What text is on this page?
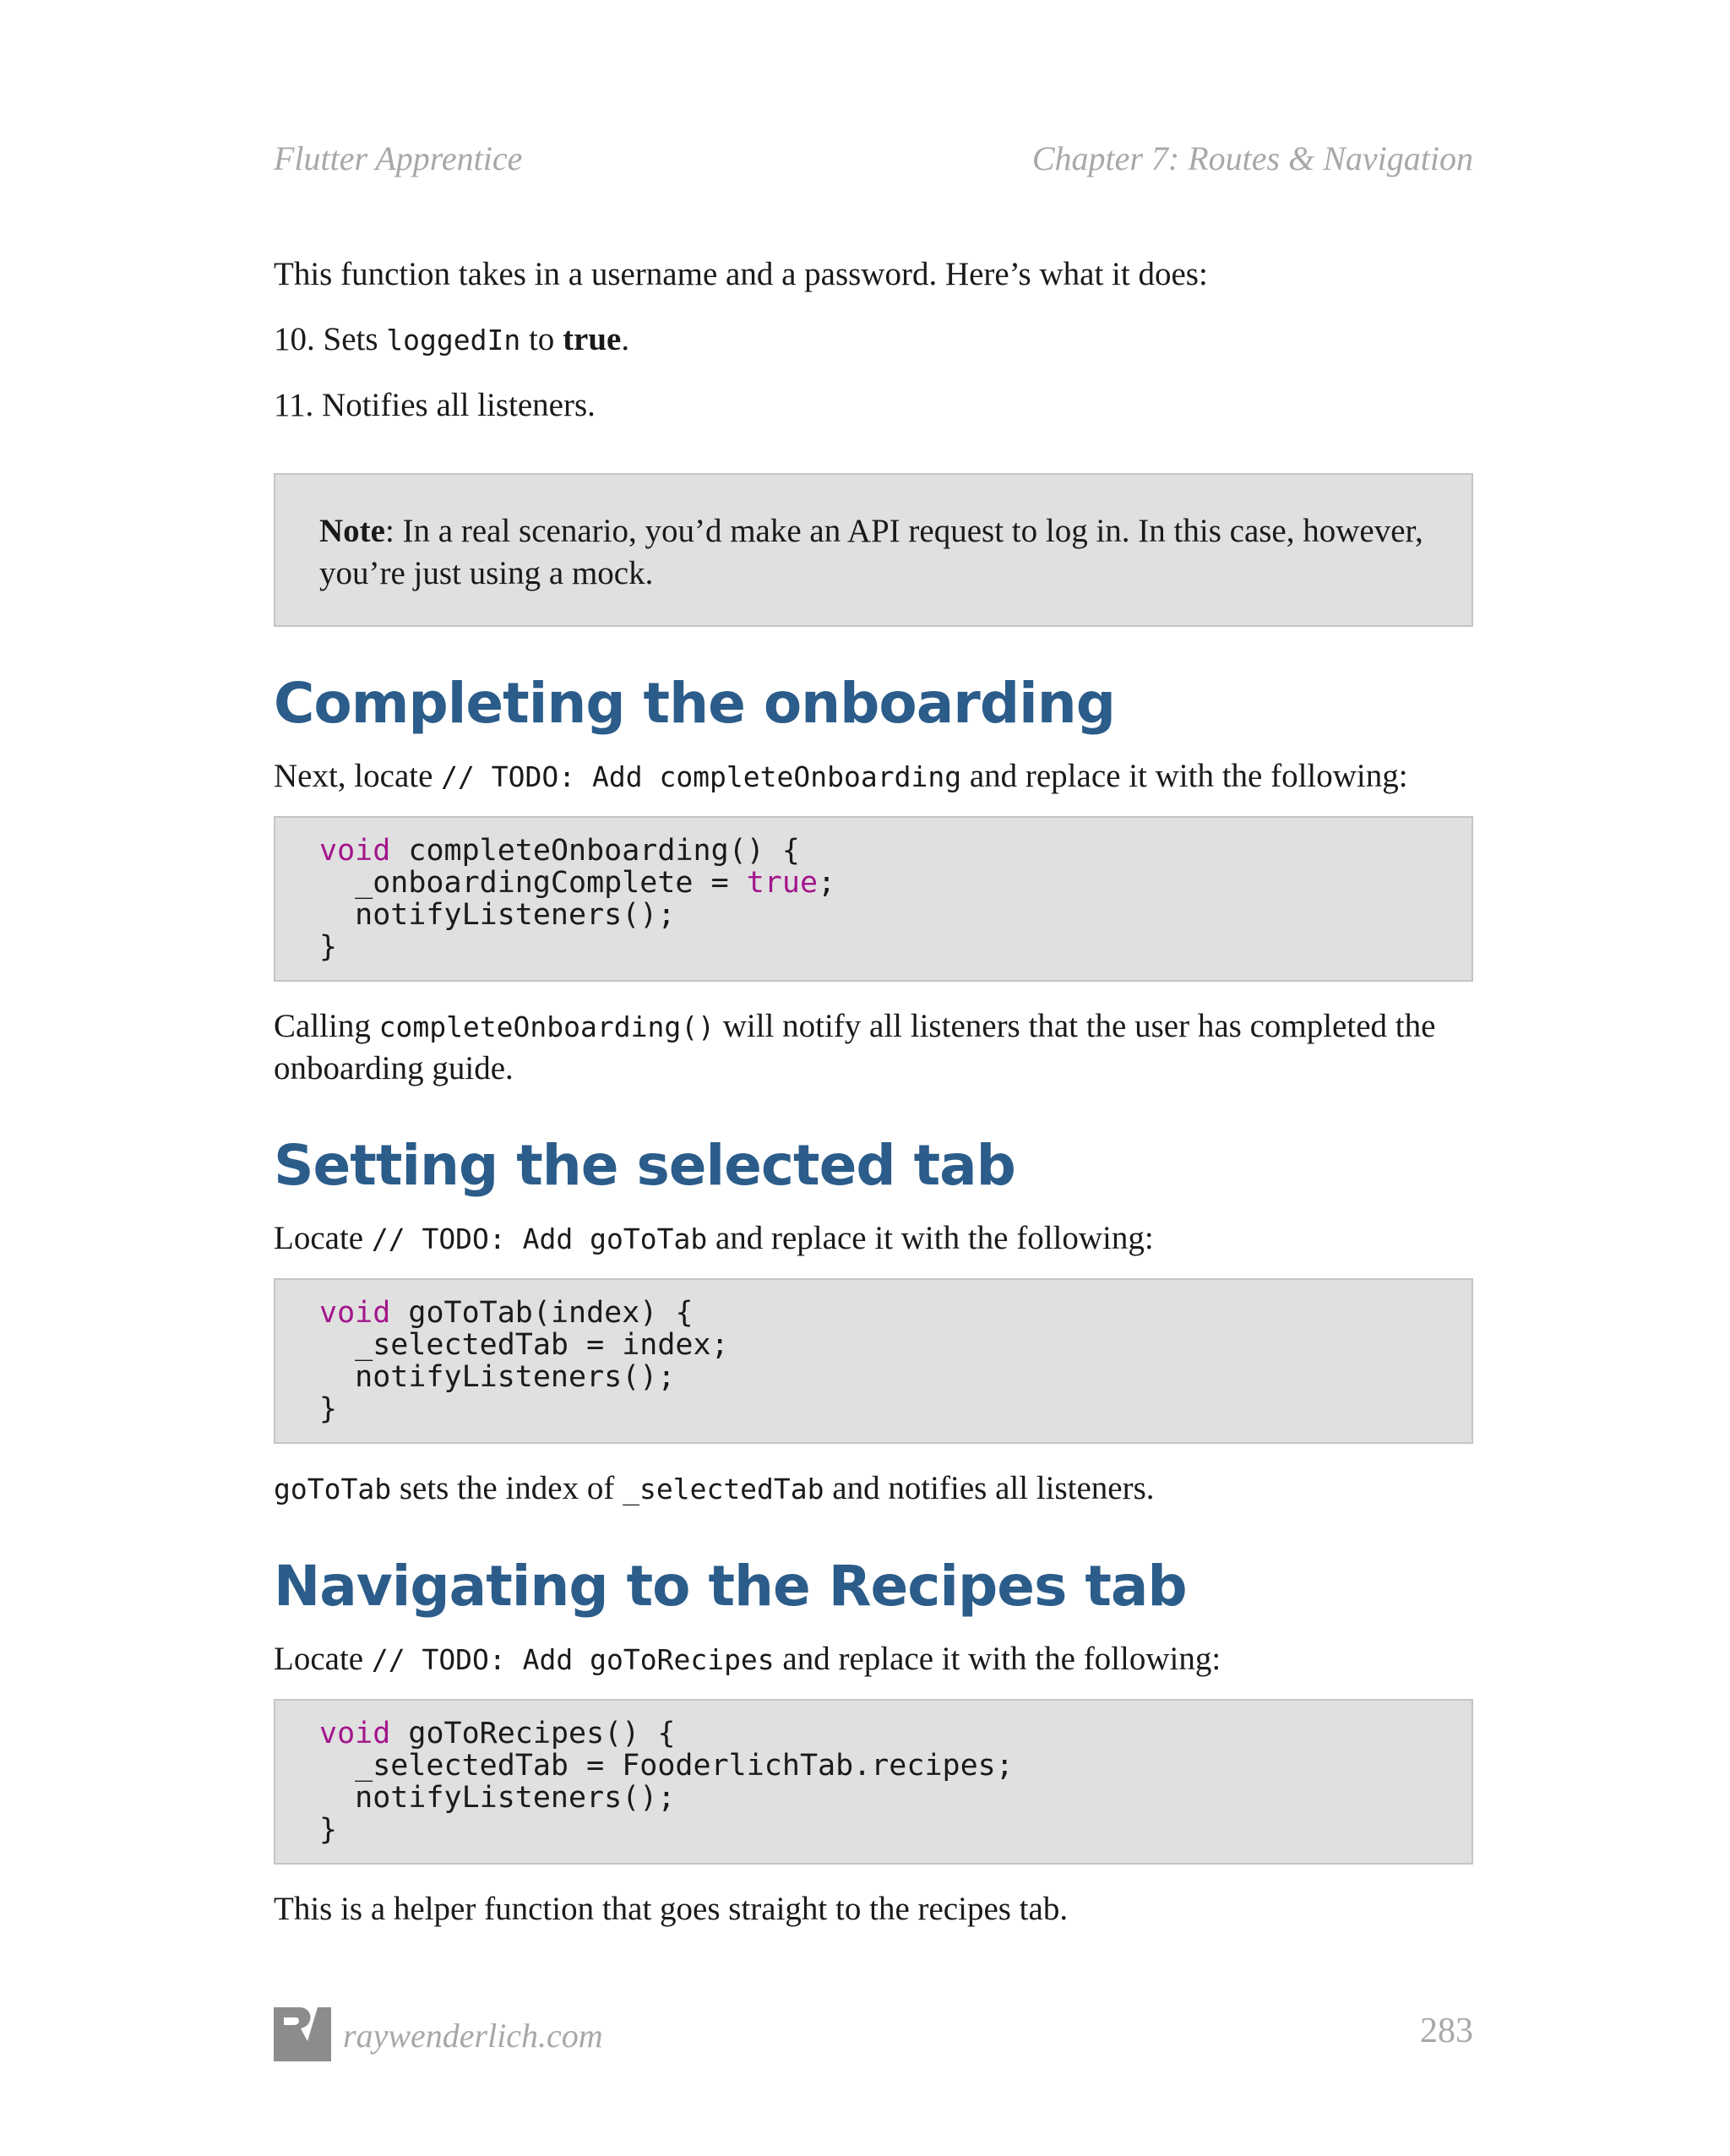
Flutter Apprentice	Chapter 7: Routes & Navigation

This function takes in a username and a password. Here’s what it does:

10. Sets loggedIn to true.

11. Notifies all listeners.

Note: In a real scenario, you’d make an API request to log in. In this case, however, you’re just using a mock.
Completing the onboarding

Next, locate // TODO: Add completeOnboarding and replace it with the following:

void completeOnboarding() {
_onboardingComplete = true;
notifyListeners();
}

Calling completeOnboarding() will notify all listeners that the user has completed the onboarding guide.

Setting the selected tab

Locate // TODO: Add goToTab and replace it with the following:

void goToTab(index) {
_selectedTab = index;
notifyListeners();
}

goToTab sets the index of _selectedTab and notifies all listeners.

Navigating to the Recipes tab

Locate // TODO: Add goToRecipes and replace it with the following:

void goToRecipes() {
_selectedTab = FooderlichTab.recipes;
notifyListeners();
}

This is a helper function that goes straight to the recipes tab.

raywenderlich.com	283
